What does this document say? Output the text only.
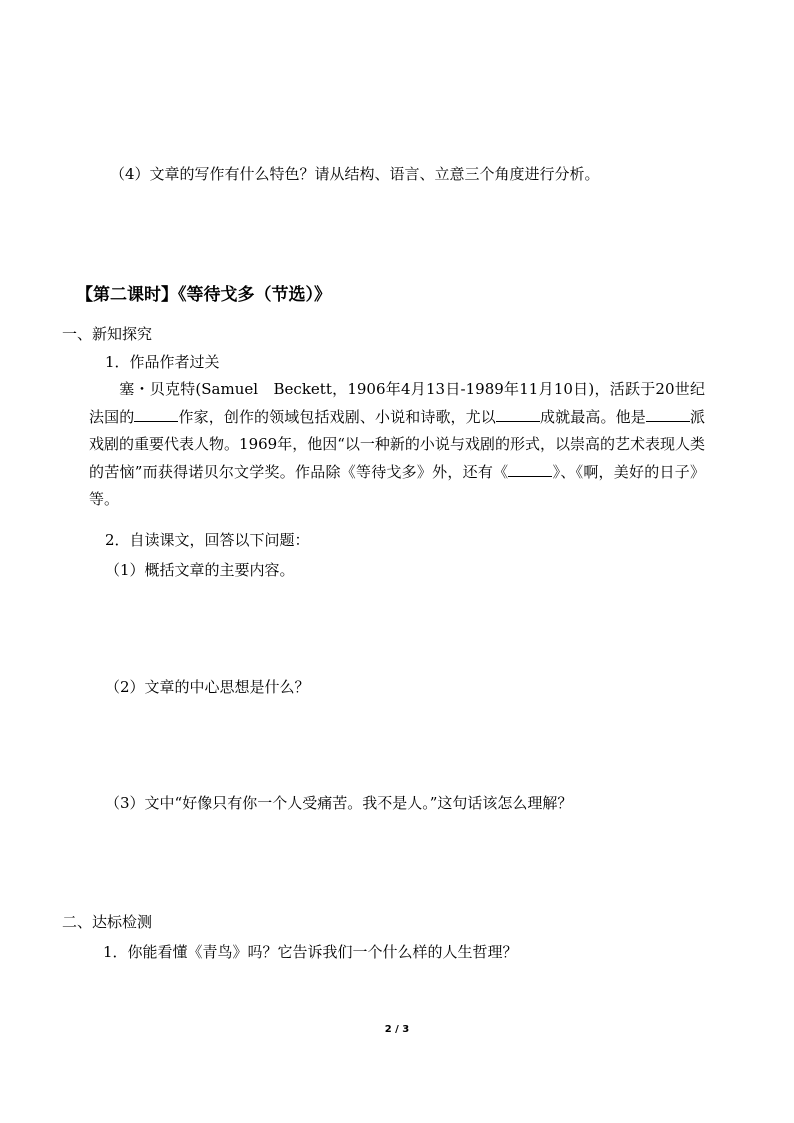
（4）文章的写作有什么特色？请从结构、语言、立意三个角度进行分析。
【第二课时】《等待戈多（节选）》
一、新知探究
1．作品作者过关
塞・贝克特(Samuel　Beckett，1906年4月13日-1989年11月10日)，活跃于20世纪法国的	作家，创作的领域包括戏剧、小说和诗歌，尤以	成就最高。他是	派戏剧的重要代表人物。1969年，他因“以一种新的小说与戏剧的形式，以崇高的艺术表现人类的苦恼”而获得诺贝尔文学奖。作品除《等待戈多》外，还有《	》、《啊，美好的日子》等。
2．自读课文，回答以下问题：
（1）概括文章的主要内容。
（2）文章的中心思想是什么？
（3）文中“好像只有你一个人受痛苦。我不是人。”这句话该怎么理解？
二、达标检测
1．你能看懂《青鸟》吗？它告诉我们一个什么样的人生哲理？
2 / 3
